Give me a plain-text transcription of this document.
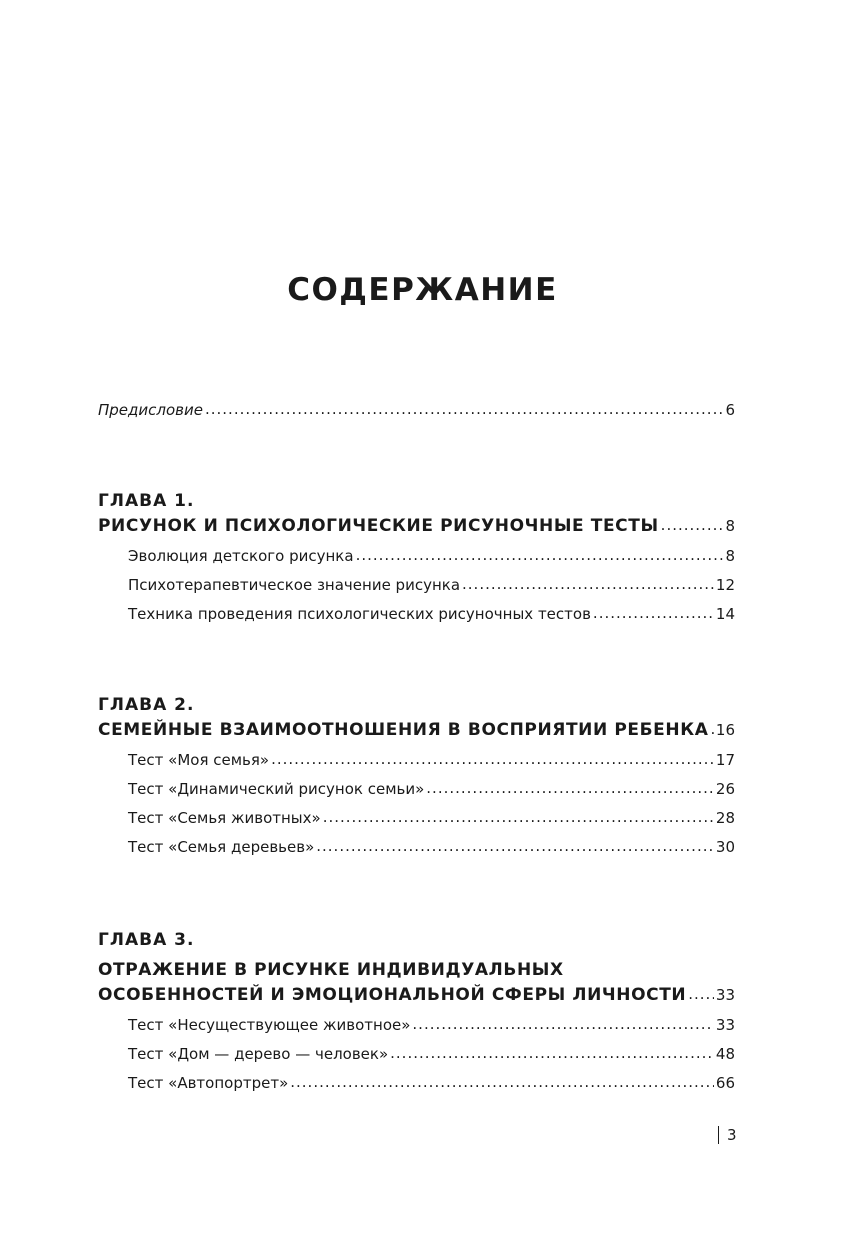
СОДЕРЖАНИЕ
Предисловие .....	6
ГЛАВА 1.
РИСУНОК И ПСИХОЛОГИЧЕСКИЕ РИСУНОЧНЫЕ ТЕСТЫ .....	8
Эволюция детского рисунка .....	8
Психотерапевтическое значение рисунка .....	12
Техника проведения психологических рисуночных тестов .....	14
ГЛАВА 2.
СЕМЕЙНЫЕ ВЗАИМООТНОШЕНИЯ В ВОСПРИЯТИИ РЕБЕНКА ..... 16
Тест «Моя семья» .....	17
Тест «Динамический рисунок семьи» .....	26
Тест «Семья животных» .....	28
Тест «Семья деревьев» .....	30
ГЛАВА 3.
ОТРАЖЕНИЕ В РИСУНКЕ ИНДИВИДУАЛЬНЫХ
ОСОБЕННОСТЕЙ И ЭМОЦИОНАЛЬНОЙ СФЕРЫ ЛИЧНОСТИ ..... 33
Тест «Несуществующее животное» .....	33
Тест «Дом — дерево — человек» .....	48
Тест «Автопортрет» .....	66
3
